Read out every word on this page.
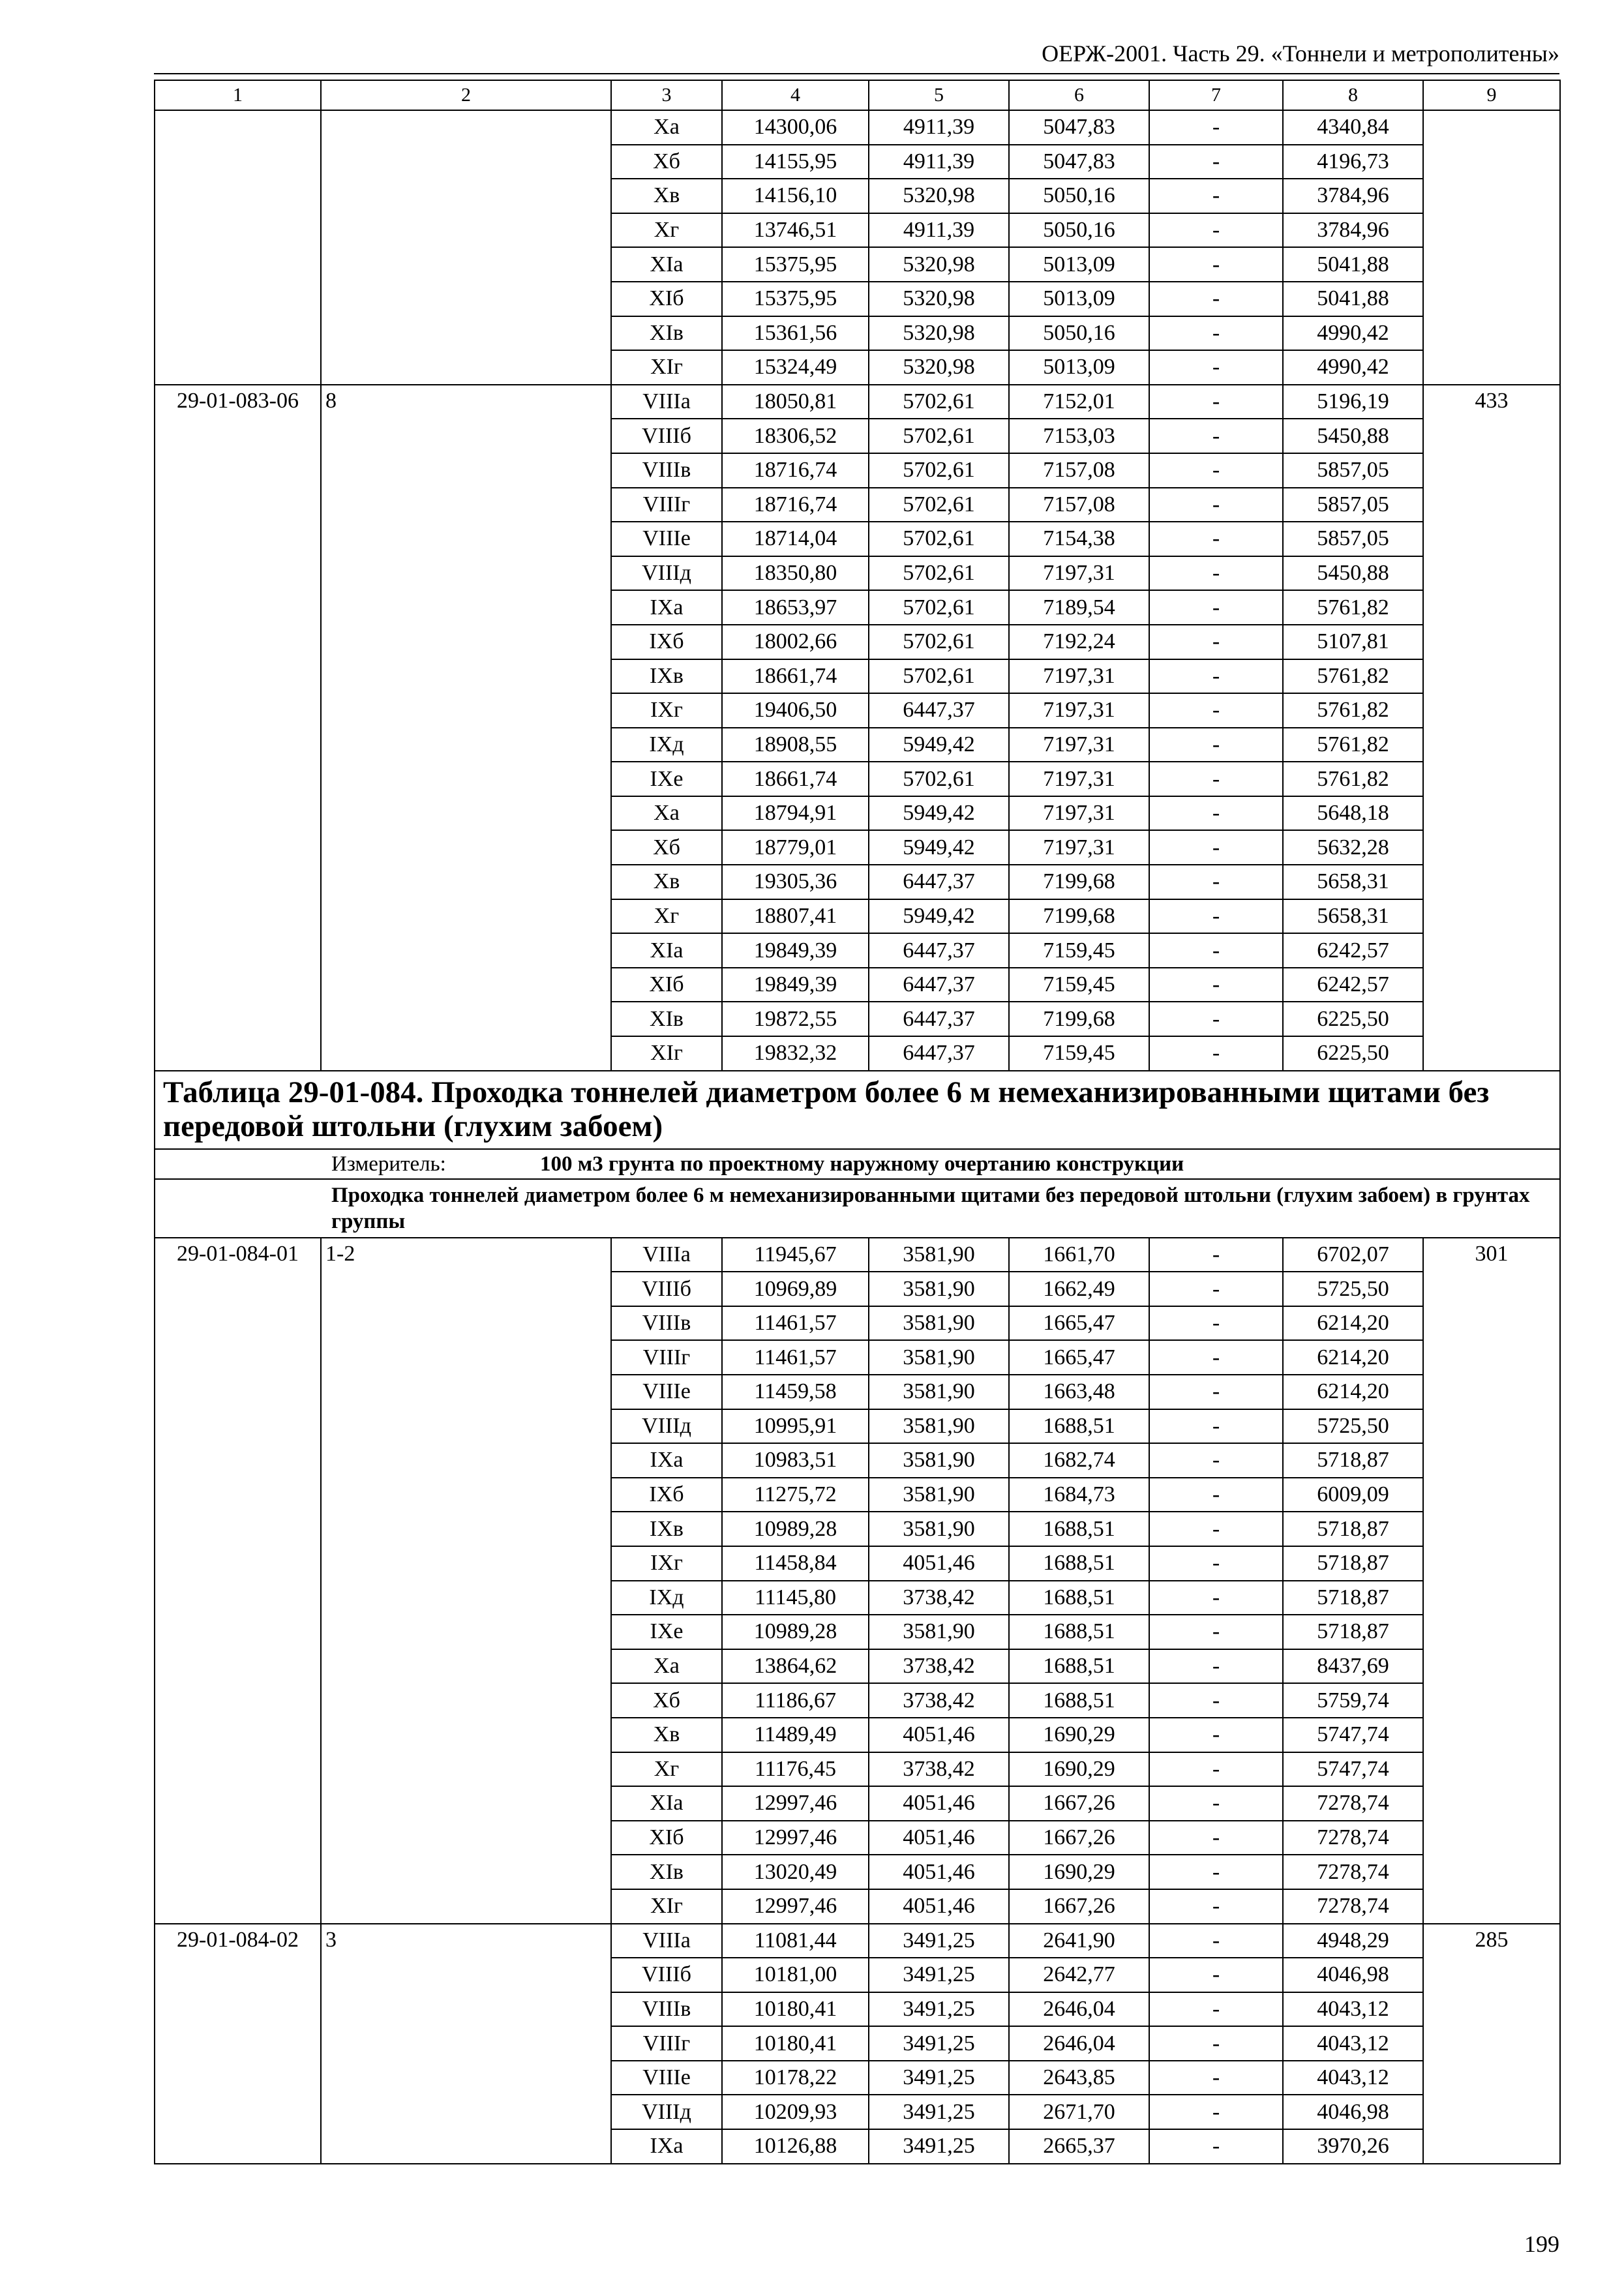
ОЕРЖ-2001. Часть 29. «Тоннели и метрополитены»
1	2	3	4	5	6	7	8	9
		Xa	14300,06	4911,39	5047,83	-	4340,84	
		Xб	14155,95	4911,39	5047,83	-	4196,73	
		Xв	14156,10	5320,98	5050,16	-	3784,96	
		Xг	13746,51	4911,39	5050,16	-	3784,96	
		XIa	15375,95	5320,98	5013,09	-	5041,88	
		XIб	15375,95	5320,98	5013,09	-	5041,88	
		XIв	15361,56	5320,98	5050,16	-	4990,42	
		XIг	15324,49	5320,98	5013,09	-	4990,42	
29-01-083-06	8	VIIIa	18050,81	5702,61	7152,01	-	5196,19	433
		VIIIб	18306,52	5702,61	7153,03	-	5450,88	
		VIIIв	18716,74	5702,61	7157,08	-	5857,05	
		VIIIг	18716,74	5702,61	7157,08	-	5857,05	
		VIIIe	18714,04	5702,61	7154,38	-	5857,05	
		VIIIд	18350,80	5702,61	7197,31	-	5450,88	
		IXa	18653,97	5702,61	7189,54	-	5761,82	
		IXб	18002,66	5702,61	7192,24	-	5107,81	
		IXв	18661,74	5702,61	7197,31	-	5761,82	
		IXг	19406,50	6447,37	7197,31	-	5761,82	
		IXд	18908,55	5949,42	7197,31	-	5761,82	
		IXe	18661,74	5702,61	7197,31	-	5761,82	
		Xa	18794,91	5949,42	7197,31	-	5648,18	
		Xб	18779,01	5949,42	7197,31	-	5632,28	
		Xв	19305,36	6447,37	7199,68	-	5658,31	
		Xг	18807,41	5949,42	7199,68	-	5658,31	
		XIa	19849,39	6447,37	7159,45	-	6242,57	
		XIб	19849,39	6447,37	7159,45	-	6242,57	
		XIв	19872,55	6447,37	7199,68	-	6225,50	
		XIг	19832,32	6447,37	7159,45	-	6225,50	
Таблица 29-01-084. Проходка тоннелей диаметром более 6 м немеханизированными щитами без передовой штольни (глухим забоем)								
Измеритель: 100 м3 грунта по проектному наружному очертанию конструкции								
Проходка тоннелей диаметром более 6 м немеханизированными щитами без передовой штольни (глухим забоем) в грунтах группы								
29-01-084-01	1-2	VIIIa	11945,67	3581,90	1661,70	-	6702,07	301
		VIIIб	10969,89	3581,90	1662,49	-	5725,50	
		VIIIв	11461,57	3581,90	1665,47	-	6214,20	
		VIIIг	11461,57	3581,90	1665,47	-	6214,20	
		VIIIe	11459,58	3581,90	1663,48	-	6214,20	
		VIIIд	10995,91	3581,90	1688,51	-	5725,50	
		IXa	10983,51	3581,90	1682,74	-	5718,87	
		IXб	11275,72	3581,90	1684,73	-	6009,09	
		IXв	10989,28	3581,90	1688,51	-	5718,87	
		IXг	11458,84	4051,46	1688,51	-	5718,87	
		IXд	11145,80	3738,42	1688,51	-	5718,87	
		IXe	10989,28	3581,90	1688,51	-	5718,87	
		Xa	13864,62	3738,42	1688,51	-	8437,69	
		Xб	11186,67	3738,42	1688,51	-	5759,74	
		Xв	11489,49	4051,46	1690,29	-	5747,74	
		Xг	11176,45	3738,42	1690,29	-	5747,74	
		XIa	12997,46	4051,46	1667,26	-	7278,74	
		XIб	12997,46	4051,46	1667,26	-	7278,74	
		XIв	13020,49	4051,46	1690,29	-	7278,74	
		XIг	12997,46	4051,46	1667,26	-	7278,74	
29-01-084-02	3	VIIIa	11081,44	3491,25	2641,90	-	4948,29	285
		VIIIб	10181,00	3491,25	2642,77	-	4046,98	
		VIIIв	10180,41	3491,25	2646,04	-	4043,12	
		VIIIг	10180,41	3491,25	2646,04	-	4043,12	
		VIIIe	10178,22	3491,25	2643,85	-	4043,12	
		VIIIд	10209,93	3491,25	2671,70	-	4046,98	
		IXa	10126,88	3491,25	2665,37	-	3970,26	
199
